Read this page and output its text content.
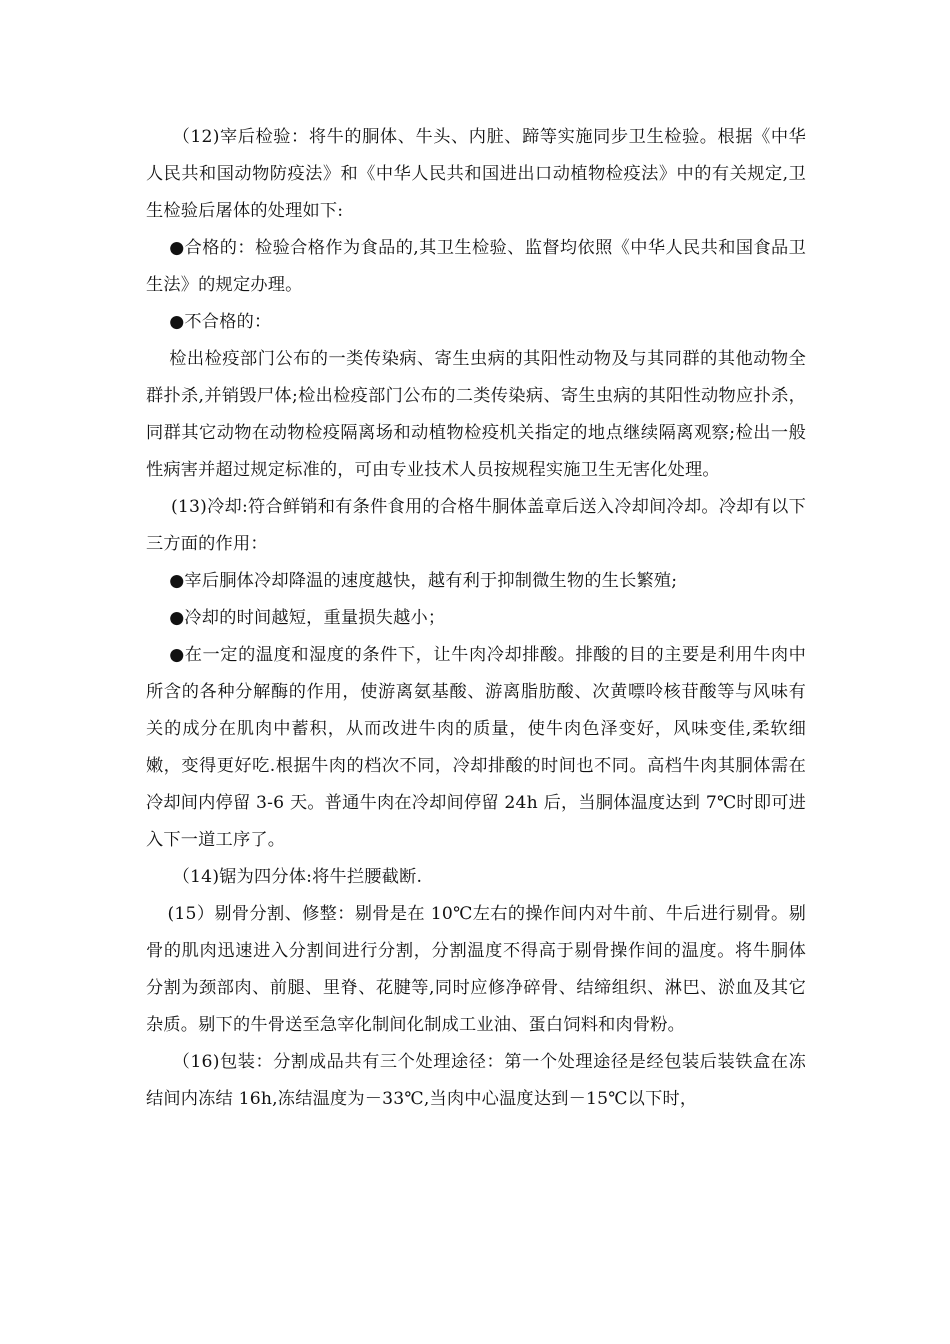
（12)宰后检验：将牛的胴体、牛头、内脏、蹄等实施同步卫生检验。根据《中华人民共和国动物防疫法》和《中华人民共和国进出口动植物检疫法》中的有关规定,卫生检验后屠体的处理如下:

●合格的：检验合格作为食品的,其卫生检验、监督均依照《中华人民共和国食品卫生法》的规定办理。

●不合格的：

检出检疫部门公布的一类传染病、寄生虫病的其阳性动物及与其同群的其他动物全群扑杀,并销毁尸体;检出检疫部门公布的二类传染病、寄生虫病的其阳性动物应扑杀，同群其它动物在动物检疫隔离场和动植物检疫机关指定的地点继续隔离观察;检出一般性病害并超过规定标准的，可由专业技术人员按规程实施卫生无害化处理。

(13)冷却:符合鲜销和有条件食用的合格牛胴体盖章后送入冷却间冷却。冷却有以下三方面的作用：

●宰后胴体冷却降温的速度越快，越有利于抑制微生物的生长繁殖;

●冷却的时间越短，重量损失越小；

●在一定的温度和湿度的条件下，让牛肉冷却排酸。排酸的目的主要是利用牛肉中所含的各种分解酶的作用，使游离氨基酸、游离脂肪酸、次黄嘌呤核苷酸等与风味有关的成分在肌肉中蓄积，从而改进牛肉的质量，使牛肉色泽变好，风味变佳,柔软细嫩，变得更好吃.根据牛肉的档次不同，冷却排酸的时间也不同。高档牛肉其胴体需在冷却间内停留 3-6 天。普通牛肉在冷却间停留 24h 后，当胴体温度达到 7℃时即可进入下一道工序了。

（14)锯为四分体:将牛拦腰截断.

(15）剔骨分割、修整：剔骨是在 10℃左右的操作间内对牛前、牛后进行剔骨。剔骨的肌肉迅速进入分割间进行分割，分割温度不得高于剔骨操作间的温度。将牛胴体分割为颈部肉、前腿、里脊、花腱等,同时应修净碎骨、结缔组织、淋巴、淤血及其它杂质。剔下的牛骨送至急宰化制间化制成工业油、蛋白饲料和肉骨粉。

（16)包装：分割成品共有三个处理途径：第一个处理途径是经包装后装铁盒在冻结间内冻结 16h,冻结温度为－33℃,当肉中心温度达到－15℃以下时，
